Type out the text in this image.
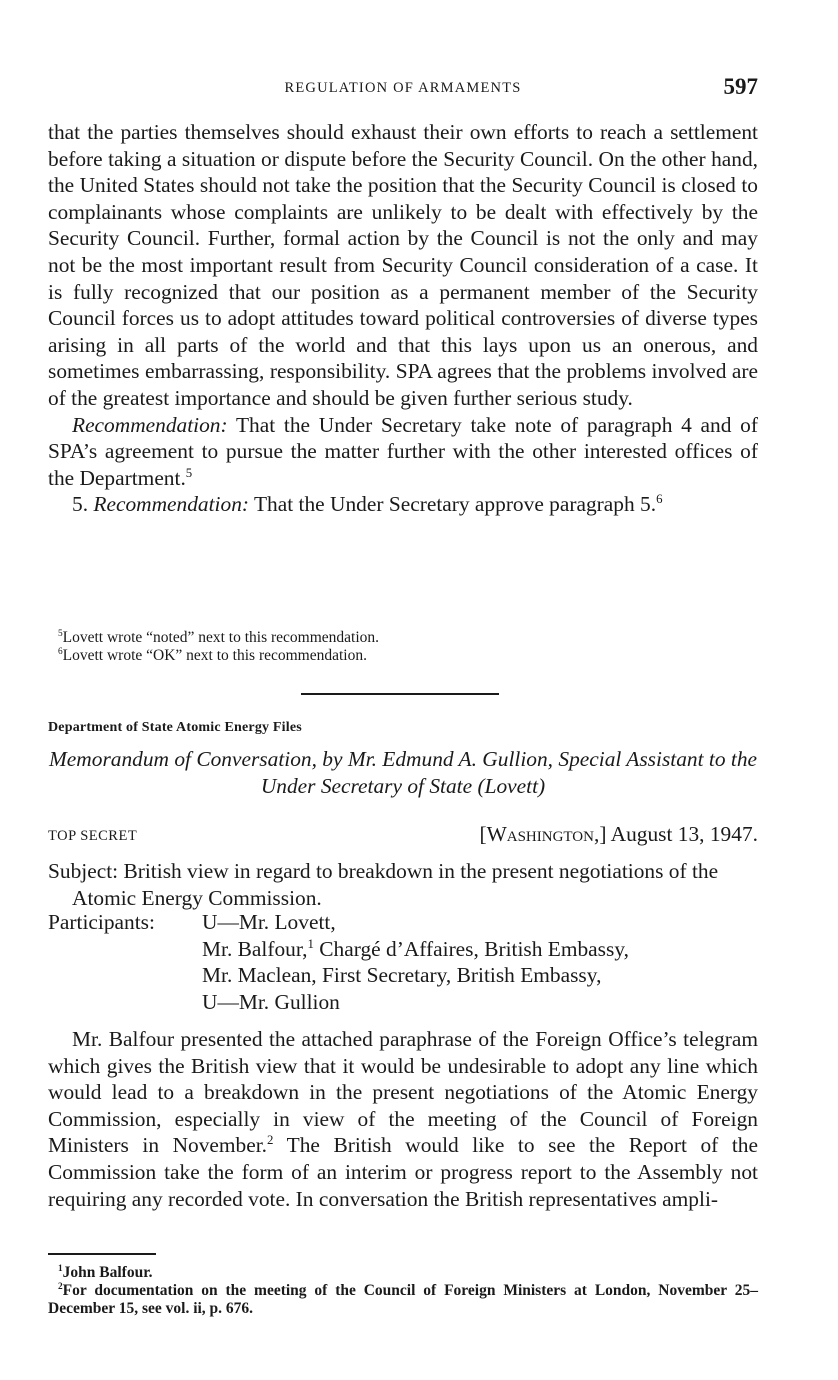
REGULATION OF ARMAMENTS	597

that the parties themselves should exhaust their own efforts to reach a settlement before taking a situation or dispute before the Security Council. On the other hand, the United States should not take the position that the Security Council is closed to complainants whose complaints are unlikely to be dealt with effectively by the Security Council. Further, formal action by the Council is not the only and may not be the most important result from Security Council consideration of a case. It is fully recognized that our position as a permanent member of the Security Council forces us to adopt attitudes toward political controversies of diverse types arising in all parts of the world and that this lays upon us an onerous, and sometimes embarrassing, responsibility. SPA agrees that the problems involved are of the greatest importance and should be given further serious study.

Recommendation: That the Under Secretary take note of paragraph 4 and of SPA’s agreement to pursue the matter further with the other interested offices of the Department.$^5$

5. Recommendation: That the Under Secretary approve paragraph 5.$^6$

$^5$Lovett wrote “noted” next to this recommendation.

$^6$Lovett wrote “OK” next to this recommendation.

Department of State Atomic Energy Files
Memorandum of Conversation, by Mr. Edmund A. Gullion, Special Assistant to the Under Secretary of State (Lovett)
TOP SECRET	[Washington,] August 13, 1947.

Subject: British view in regard to breakdown in the present negotiations of the Atomic Energy Commission.

Participants:	U—Mr. Lovett,
Mr. Balfour,$^1$ Chargé d’Affaires, British Embassy,
Mr. Maclean, First Secretary, British Embassy,
U—Mr. Gullion

Mr. Balfour presented the attached paraphrase of the Foreign Office’s telegram which gives the British view that it would be undesirable to adopt any line which would lead to a breakdown in the present negotiations of the Atomic Energy Commission, especially in view of the meeting of the Council of Foreign Ministers in November.$^2$ The British would like to see the Report of the Commission take the form of an interim or progress report to the Assembly not requiring any recorded vote. In conversation the British representatives ampli-

$^1$John Balfour.

$^2$For documentation on the meeting of the Council of Foreign Ministers at London, November 25–December 15, see vol. ii, p. 676.
